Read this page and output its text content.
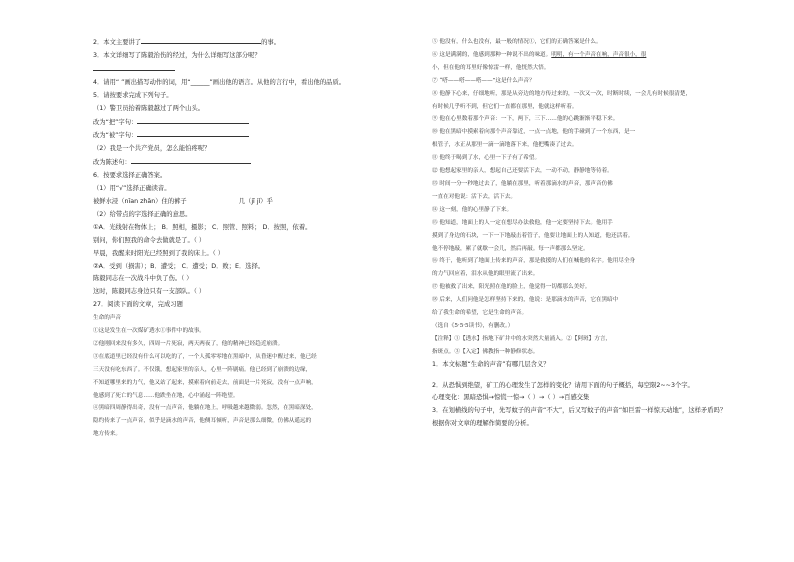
2．本文主要讲了	的事。
3．本文详细写了陈毅治伤的经过，为什么详细写这部分呢？
4．请用“ ”画出描写动作的词，用“______”画出他的语言。从他的言行中，看出他的品质。
5．请按要求完成下列句子。
（1）警卫员抬着陈毅越过了两个山头。
改为“把”字句：
改为“被”字句：
（2）我是一个共产党员，怎么能怕疼呢？
改为陈述句：
6．按要求选择正确答案。
（1）用“√”选择正确读音。
被鲜水浸（nīan zhān）住的裤子	几（jī jǐ）乎
（2）给带点的字选择正确的意思。
①A．光线射在物体上； B．照相，摄影； C．照管、照料； D．按照，依着。
别问，你们照我的命令去做就是了。（ ）
早晨，我醒来时阳光已经照到了我的床上。（ ）
②A．受到（损害）；B．遭受； C．遭受；D．败；E．选择。
陈毅同志在一次战斗中负了伤。（ ）
这时，陈毅同志身边只有一支部队。（ ）
27．阅读下面的文章，完成习题
生命的声音
①这是发生在一次煤矿透水①事件中的故事。
②他刚回来没有多久，四周一片死寂，两天两夜了，他的精神已经趋近崩溃。
③在底道里已经没有什么可以吃的了，一个人孤零零地在黑暗中，从昏迷中醒过来，他已经
三天没有吃东西了。不仅饿，想起家里的亲人，心里一阵剧痛。他已经到了崩溃的边缘，
不知道哪里来的力气，他又站了起来，摸索着向前走去，前面是一片死寂，没有一点声响，
他感到了死亡的气息……他跌坐在地，心中涌起一阵绝望。
④黑暗四周静得出奇，没有一点声音，他躺在地上，呼吸越来越微弱。忽然，在黑暗深处，
隐约传来了一点声音，似乎是滴水的声音，他侧耳倾听，声音是那么细微，仿佛从遥远的
地方传来。
⑤ 他没有，什么也没有，最一般的情况①，它们的正确答案是什么。
⑥ 这是满满的，他感到那种一种说不出的味道。明明，有一个声音在响，声音很小，很
小，但在他的耳里好像惊雷一样，他恍然大悟。
⑦ “嗒——嗒——嗒——”这是什么声音？
⑧ 他静下心来，仔细地听，那是从旁边的地方传过来的，一次又一次，时断时续，一会儿有时候很清楚，
有时候几乎听不到，但它们一直都在那里，他就这样听着。
⑨ 他在心里数着那个声音：一下，两下，三下……他的心跳渐渐平稳下来。
⑩ 他在黑暗中摸索着向那个声音靠近，一点一点地，他的手碰到了一个东西，是一
根管子，水正从那里一滴一滴地落下来，他把嘴凑了过去。
⑪ 他终于喝到了水，心里一下子有了希望。
⑫ 他想起家里的亲人，想起自己还要活下去，一动不动，静静地等待着。
⑬ 时间一分一秒地过去了，他躺在那里，听着那滴水的声音，那声音仿佛
一直在对他说：活下去，活下去。
⑭ 这一刻，他的心里静了下来。
⑮ 他知道，地面上的人一定在想尽办法救他，他一定要坚持下去。他用手
摸到了身边的石块，一下一下地敲击着管子，他要让地面上的人知道，他还活着。
他不停地敲，累了就歇一会儿，然后再敲。每一声都那么坚定。
⑯ 终于，他听到了地面上传来的声音，那是救援的人们在喊他的名字。他用尽全身
的力气回应着，泪水从他的眼里流了出来。
⑰ 他被救了出来，阳光照在他的脸上，他觉得一切都那么美好。
⑱ 后来，人们问他是怎样坚持下来的，他说：是那滴水的声音，它在黑暗中
给了我生命的希望，它是生命的声音。
（选自《5·5·5读书》，有删改。）
【注释】①【透水】指地下矿井中的水突然大量涌入。②【阿斑】方言，
指斑点。③【入定】佛教指一种静修状态。
1．本文标题“生命的声音”有哪几层含义？
2．从恐惧到绝望，矿工的心理发生了怎样的变化？请用下面的句子概括，每空限2~~3个字。
心理变化：黑暗恐惧→惊慌一惊→（ ）→（ ）→百感交集
3．在划横线的句子中，先写蚊子的声音“不大”，后又写蚊子的声音“如巨雷一样惊天动地”，这样矛盾吗？
根据你对文章的理解作简要的分析。
